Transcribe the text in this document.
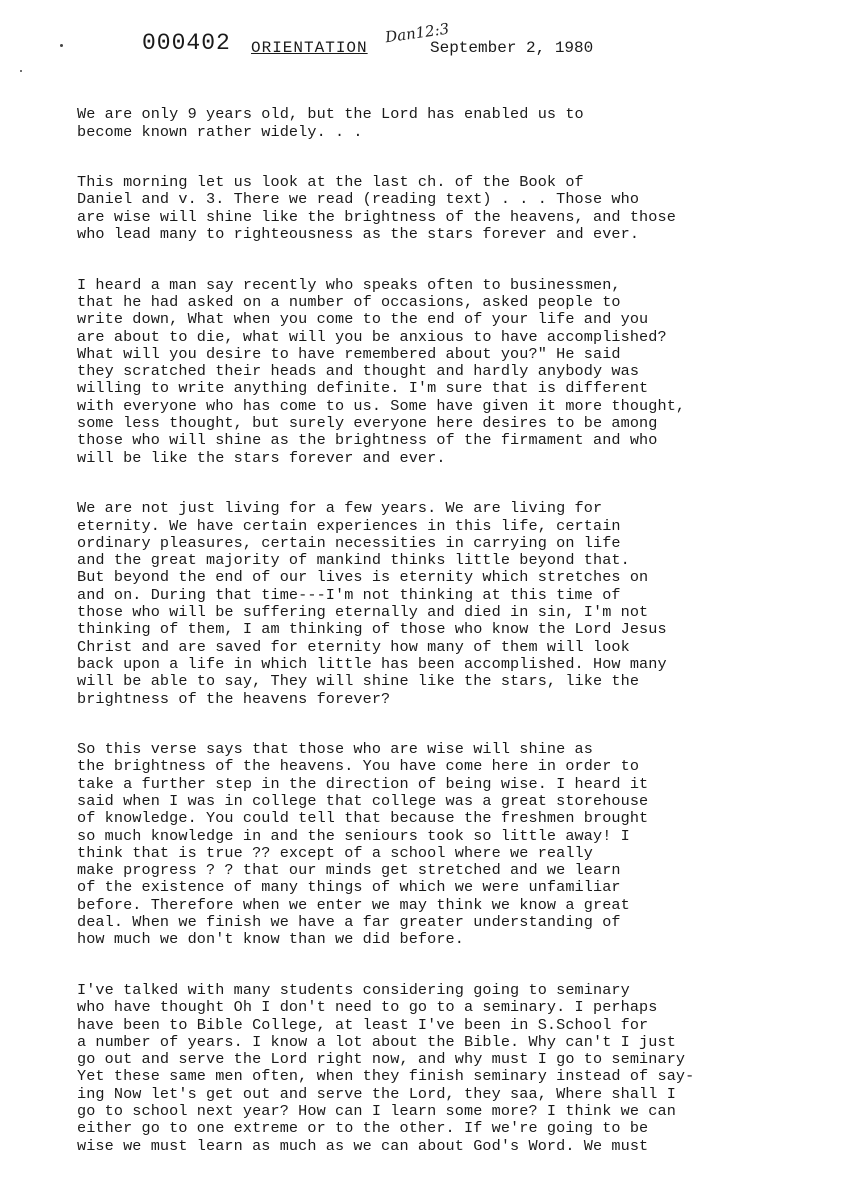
000402 ORIENTATION
Dan12:3
September 2, 1980

We are only 9 years old, but the Lord has enabled us to
become known rather widely. . .

This morning let us look at the last ch. of the Book of
Daniel and v. 3. There we read (reading text) . . . Those who
are wise will shine like the brightness of the heavens, and those
who lead many to righteousness as the stars forever and ever.

I heard a man say recently who speaks often to businessmen,
that he had asked on a number of occasions, asked people to
write down, What when you come to the end of your life and you
are about to die, what will you be anxious to have accomplished?
What will you desire to have remembered about you?" He said
they scratched their heads and thought and hardly anybody was
willing to write anything definite. I'm sure that is different
with everyone who has come to us. Some have given it more thought,
some less thought, but surely everyone here desires to be among
those who will shine as the brightness of the firmament and who
will be like the stars forever and ever.

We are not just living for a few years. We are living for
eternity. We have certain experiences in this life, certain
ordinary pleasures, certain necessities in carrying on life
and the great majority of mankind thinks little beyond that.
But beyond the end of our lives is eternity which stretches on
and on. During that time---I'm not thinking at this time of
those who will be suffering eternally and died in sin, I'm not
thinking of them, I am thinking of those who know the Lord Jesus
Christ and are saved for eternity how many of them will look
back upon a life in which little has been accomplished. How many
will be able to say, They will shine like the stars, like the
brightness of the heavens forever?

So this verse says that those who are wise will shine as
the brightness of the heavens. You have come here in order to
take a further step in the direction of being wise. I heard it
said when I was in college that college was a great storehouse
of knowledge. You could tell that because the freshmen brought
so much knowledge in and the seniours took so little away! I
think that is true ?? except of a school where we really
make progress ? ? that our minds get stretched and we learn
of the existence of many things of which we were unfamiliar
before. Therefore when we enter we may think we know a great
deal. When we finish we have a far greater understanding of
how much we don't know than we did before.

I've talked with many students considering going to seminary
who have thought Oh I don't need to go to a seminary. I perhaps
have been to Bible College, at least I've been in S.School for
a number of years. I know a lot about the Bible. Why can't I just
go out and serve the Lord right now, and why must I go to seminary
Yet these same men often, when they finish seminary instead of say-
ing Now let's get out and serve the Lord, they saa, Where shall I
go to school next year? How can I learn some more? I think we can
either go to one extreme or to the other. If we're going to be
wise we must learn as much as we can about God's Word. We must
